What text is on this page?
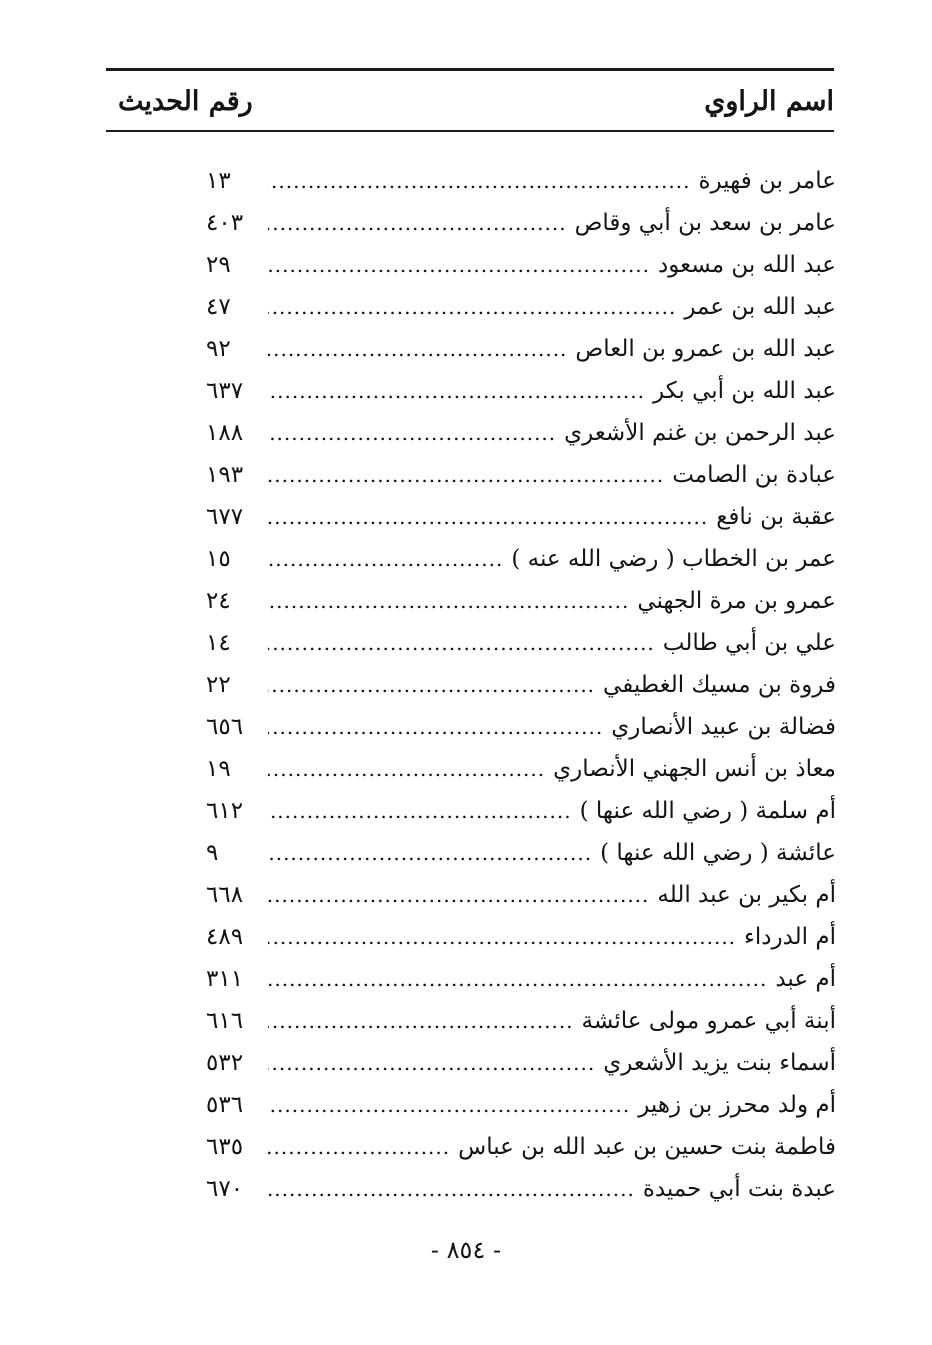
اسم الراوي
رقم الحديث
عامر بن فهيرة
.....
١٣
عامر بن سعد بن أبي وقاص
.....
٤٠٣
عبد الله بن مسعود
.....
٢٩
عبد الله بن عمر
.....
٤٧
عبد الله بن عمرو بن العاص
.....
٩٢
عبد الله بن أبي بكر
.....
٦٣٧
عبد الرحمن بن غنم الأشعري
.....
١٨٨
عبادة بن الصامت
.....
١٩٣
عقبة بن نافع
.....
٦٧٧
عمر بن الخطاب ( رضي الله عنه )
.....
١٥
عمرو بن مرة الجهني
.....
٢٤
علي بن أبي طالب
.....
١٤
فروة بن مسيك الغطيفي
.....
٢٢
فضالة بن عبيد الأنصاري
.....
٦٥٦
معاذ بن أنس الجهني الأنصاري
.....
١٩
أم سلمة ( رضي الله عنها )
.....
٦١٢
عائشة ( رضي الله عنها )
.....
٩
أم بكير بن عبد الله
.....
٦٦٨
أم الدرداء
.....
٤٨٩
أم عبد
.....
٣١١
أبنة أبي عمرو مولى عائشة
.....
٦١٦
أسماء بنت يزيد الأشعري
.....
٥٣٢
أم ولد محرز بن زهير
.....
٥٣٦
فاطمة بنت حسين بن عبد الله بن عباس
.....
٦٣٥
عبدة بنت أبي حميدة
.....
٦٧٠
- ٨٥٤ -
